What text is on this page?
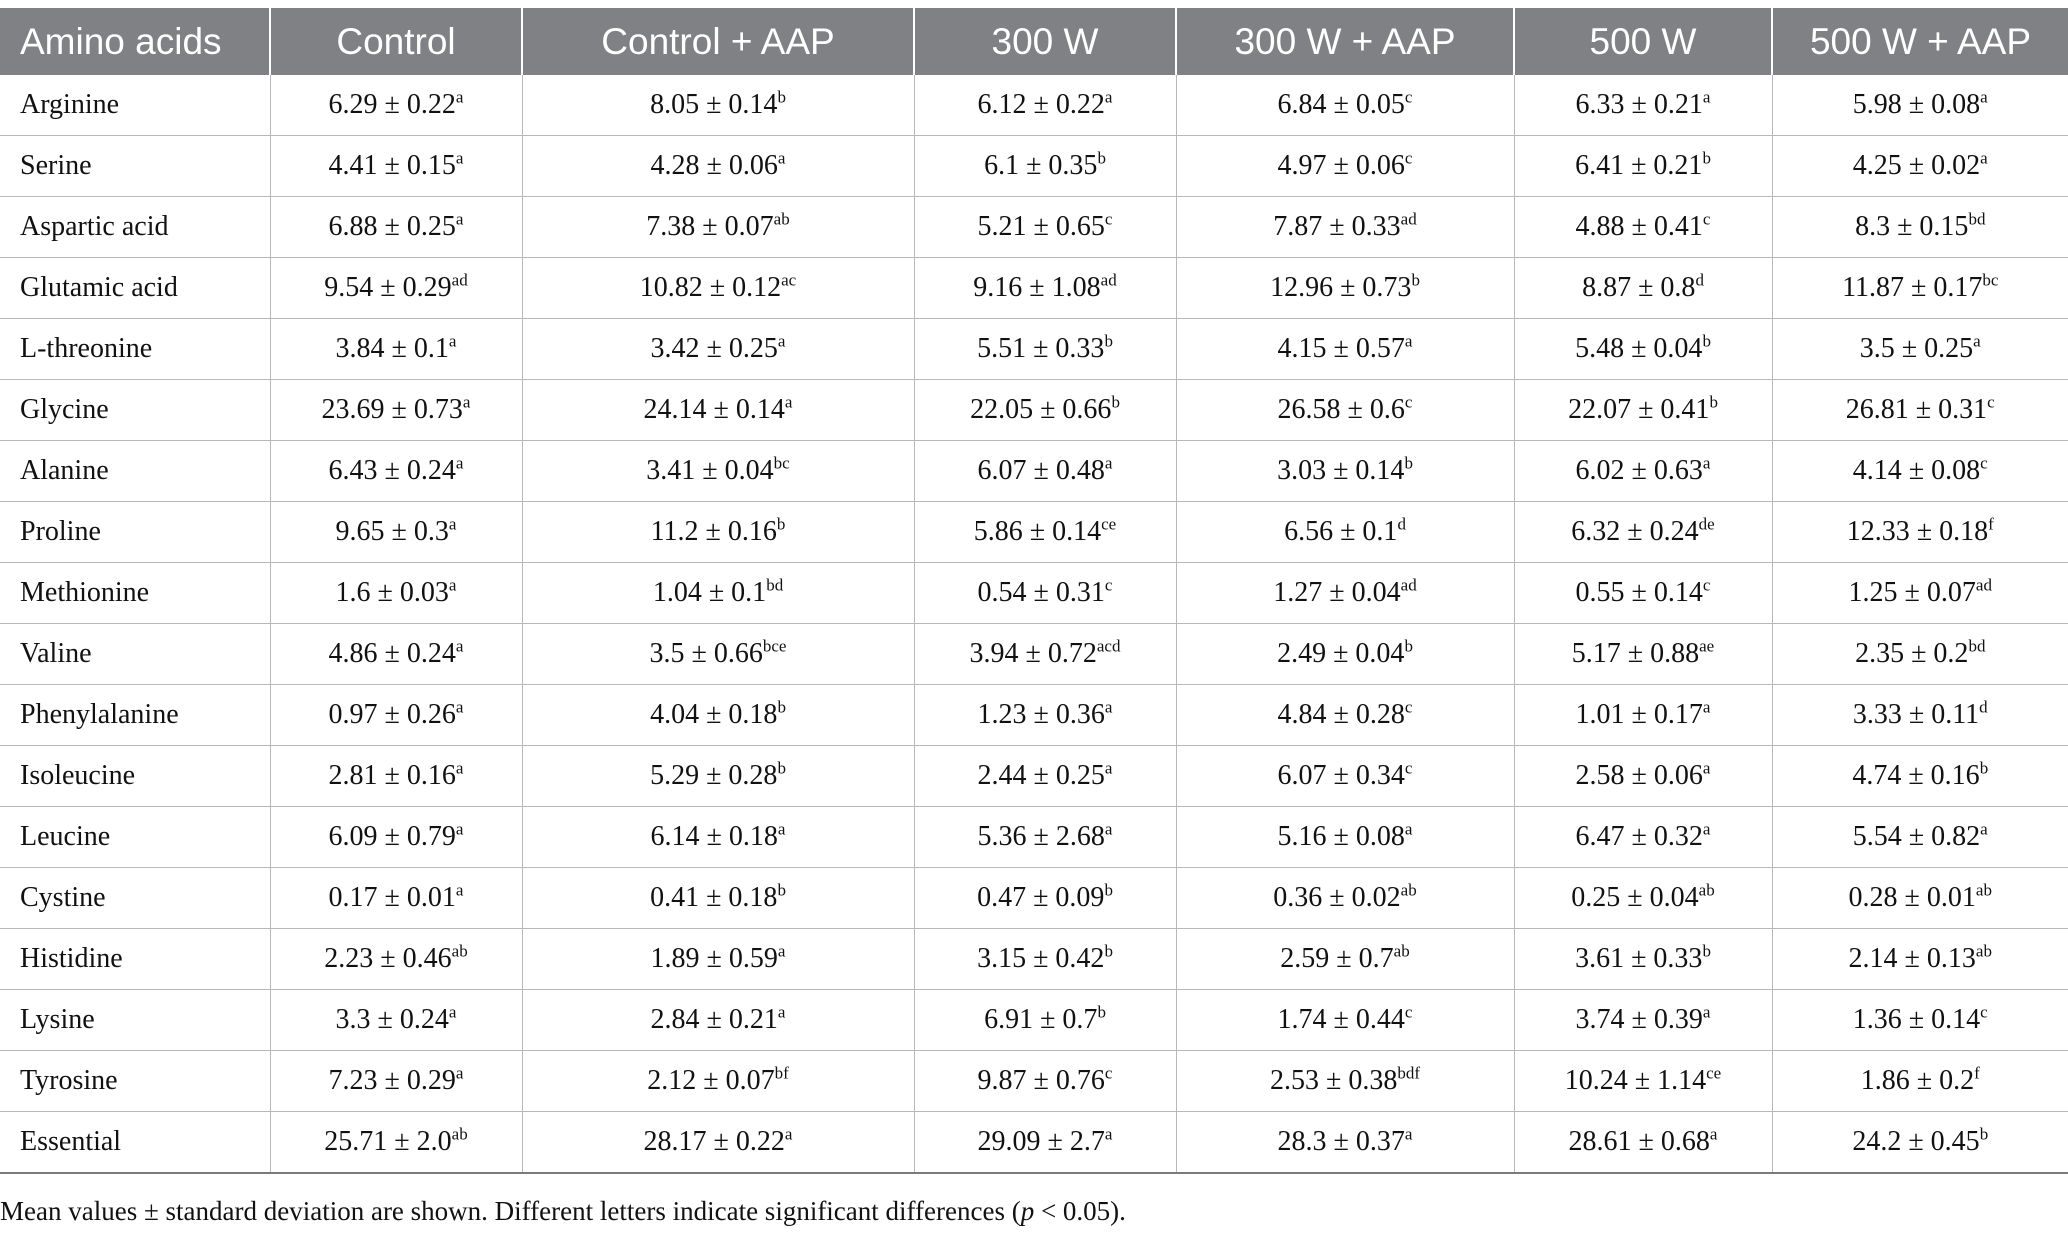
Amino acids	Control	Control + AAP	300 W	300 W + AAP	500 W	500 W + AAP
Arginine	6.29 ± 0.22$^a$	8.05 ± 0.14$^b$	6.12 ± 0.22$^a$	6.84 ± 0.05$^c$	6.33 ± 0.21$^a$	5.98 ± 0.08$^a$
Serine	4.41 ± 0.15$^a$	4.28 ± 0.06$^a$	6.1 ± 0.35$^b$	4.97 ± 0.06$^c$	6.41 ± 0.21$^b$	4.25 ± 0.02$^a$
Aspartic acid	6.88 ± 0.25$^a$	7.38 ± 0.07$^{ab}$	5.21 ± 0.65$^c$	7.87 ± 0.33$^{ad}$	4.88 ± 0.41$^c$	8.3 ± 0.15$^{bd}$
Glutamic acid	9.54 ± 0.29$^{ad}$	10.82 ± 0.12$^{ac}$	9.16 ± 1.08$^{ad}$	12.96 ± 0.73$^b$	8.87 ± 0.8$^d$	11.87 ± 0.17$^{bc}$
L-threonine	3.84 ± 0.1$^a$	3.42 ± 0.25$^a$	5.51 ± 0.33$^b$	4.15 ± 0.57$^a$	5.48 ± 0.04$^b$	3.5 ± 0.25$^a$
Glycine	23.69 ± 0.73$^a$	24.14 ± 0.14$^a$	22.05 ± 0.66$^b$	26.58 ± 0.6$^c$	22.07 ± 0.41$^b$	26.81 ± 0.31$^c$
Alanine	6.43 ± 0.24$^a$	3.41 ± 0.04$^{bc}$	6.07 ± 0.48$^a$	3.03 ± 0.14$^b$	6.02 ± 0.63$^a$	4.14 ± 0.08$^c$
Proline	9.65 ± 0.3$^a$	11.2 ± 0.16$^b$	5.86 ± 0.14$^{ce}$	6.56 ± 0.1$^d$	6.32 ± 0.24de	12.33 ± 0.18$^f$
Methionine	1.6 ± 0.03$^a$	1.04 ± 0.1$^{bd}$	0.54 ± 0.31$^c$	1.27 ± 0.04$^{ad}$	0.55 ± 0.14$^c$	1.25 ± 0.07$^{ad}$
Valine	4.86 ± 0.24$^a$	3.5 ± 0.66$^{bce}$	3.94 ± 0.72$^{acd}$	2.49 ± 0.04$^b$	5.17 ± 0.88$^{ae}$	2.35 ± 0.2$^{bd}$
Phenylalanine	0.97 ± 0.26$^a$	4.04 ± 0.18$^b$	1.23 ± 0.36$^a$	4.84 ± 0.28$^c$	1.01 ± 0.17$^a$	3.33 ± 0.11$^d$
Isoleucine	2.81 ± 0.16$^a$	5.29 ± 0.28$^b$	2.44 ± 0.25$^a$	6.07 ± 0.34$^c$	2.58 ± 0.06$^a$	4.74 ± 0.16$^b$
Leucine	6.09 ± 0.79$^a$	6.14 ± 0.18$^a$	5.36 ± 2.68$^a$	5.16 ± 0.08$^a$	6.47 ± 0.32$^a$	5.54 ± 0.82$^a$
Cystine	0.17 ± 0.01$^a$	0.41 ± 0.18$^b$	0.47 ± 0.09$^b$	0.36 ± 0.02$^{ab}$	0.25 ± 0.04$^{ab}$	0.28 ± 0.01$^{ab}$
Histidine	2.23 ± 0.46$^{ab}$	1.89 ± 0.59$^a$	3.15 ± 0.42$^b$	2.59 ± 0.7$^{ab}$	3.61 ± 0.33$^b$	2.14 ± 0.13$^{ab}$
Lysine	3.3 ± 0.24$^a$	2.84 ± 0.21$^a$	6.91 ± 0.7$^b$	1.74 ± 0.44$^c$	3.74 ± 0.39$^a$	1.36 ± 0.14$^c$
Tyrosine	7.23 ± 0.29$^a$	2.12 ± 0.07$^{bf}$	9.87 ± 0.76$^c$	2.53 ± 0.38$^{bdf}$	10.24 ± 1.14$^{ce}$	1.86 ± 0.2$^f$
Essential	25.71 ± 2.0$^{ab}$	28.17 ± 0.22$^a$	29.09 ± 2.7$^a$	28.3 ± 0.37$^a$	28.61 ± 0.68$^a$	24.2 ± 0.45$^b$
Mean values ± standard deviation are shown. Different letters indicate significant differences (p < 0.05).
